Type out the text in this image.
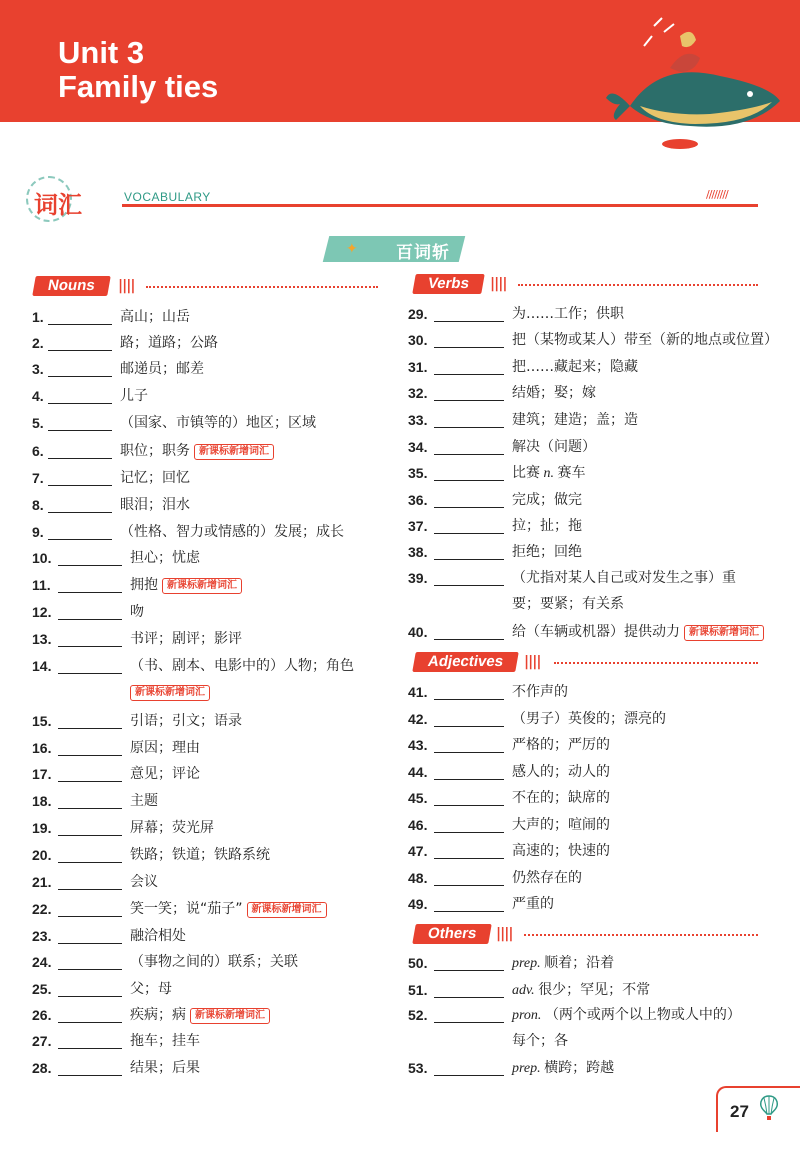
Unit 3
Family ties
词汇	VOCABULARY	////////
✦	百词斩
Nouns	||||	Verbs	||||
Adjectives	||||
Others	||||
1.	高山；山岳
2.	路；道路；公路
3.	邮递员；邮差
4.	儿子
5.	（国家、市镇等的）地区；区域
6.	职位；职务 新课标新增词汇
7.	记忆；回忆
8.	眼泪；泪水
9.	（性格、智力或情感的）发展；成长
10.	担心；忧虑
11.	拥抱 新课标新增词汇
12.	吻
13.	书评；剧评；影评
14.	（书、剧本、电影中的）人物；角色
新课标新增词汇
15.	引语；引文；语录
16.	原因；理由
17.	意见；评论
18.	主题
19.	屏幕；荧光屏
20.	铁路；铁道；铁路系统
21.	会议
22.	笑一笑；说“茄子” 新课标新增词汇
23.	融洽相处
24.	（事物之间的）联系；关联
25.	父；母
26.	疾病；病 新课标新增词汇
27.	拖车；挂车
28.	结果；后果
29.	为……工作；供职
30.	把（某物或某人）带至（新的地点或位置）
31.	把……藏起来；隐藏
32.	结婚；娶；嫁
33.	建筑；建造；盖；造
34.	解决（问题）
35.	比赛 n. 赛车
36.	完成；做完
37.	拉；扯；拖
38.	拒绝；回绝
39.	（尤指对某人自己或对发生之事）重
要；要紧；有关系
40.	给（车辆或机器）提供动力 新课标新增词汇
41.	不作声的
42.	（男子）英俊的；漂亮的
43.	严格的；严厉的
44.	感人的；动人的
45.	不在的；缺席的
46.	大声的；喧闹的
47.	高速的；快速的
48.	仍然存在的
49.	严重的
50.	prep. 顺着；沿着
51.	adv. 很少；罕见；不常
52.	pron. （两个或两个以上物或人中的）
每个；各
53.	prep. 横跨；跨越
27
